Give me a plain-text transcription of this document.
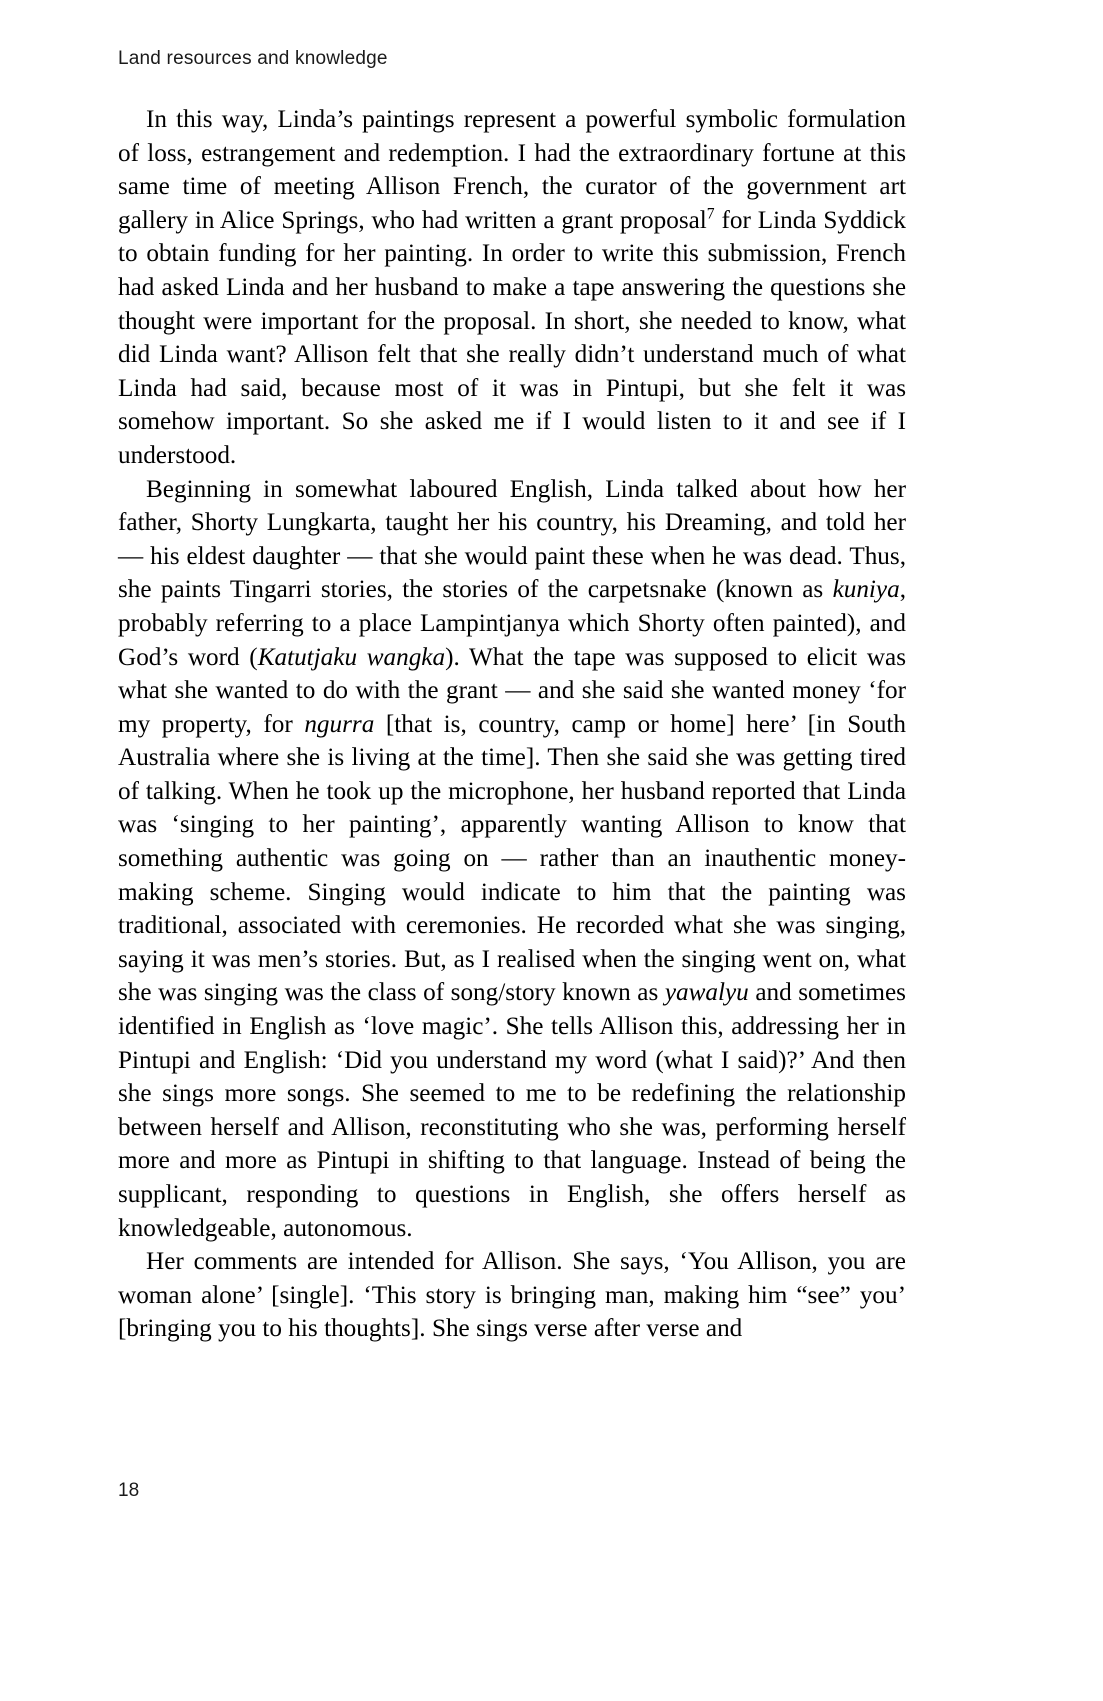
Land resources and knowledge

In this way, Linda’s paintings represent a powerful symbolic formulation of loss, estrangement and redemption. I had the extraordinary fortune at this same time of meeting Allison French, the curator of the government art gallery in Alice Springs, who had written a grant proposal$^7$ for Linda Syddick to obtain funding for her painting. In order to write this submission, French had asked Linda and her husband to make a tape answering the questions she thought were important for the proposal. In short, she needed to know, what did Linda want? Allison felt that she really didn’t understand much of what Linda had said, because most of it was in Pintupi, but she felt it was somehow important. So she asked me if I would listen to it and see if I understood.

Beginning in somewhat laboured English, Linda talked about how her father, Shorty Lungkarta, taught her his country, his Dreaming, and told her — his eldest daughter — that she would paint these when he was dead. Thus, she paints Tingarri stories, the stories of the carpetsnake (known as kuniya, probably referring to a place Lampintjanya which Shorty often painted), and God’s word (Katutjaku wangka). What the tape was supposed to elicit was what she wanted to do with the grant — and she said she wanted money ‘for my property, for ngurra [that is, country, camp or home] here’ [in South Australia where she is living at the time]. Then she said she was getting tired of talking. When he took up the microphone, her husband reported that Linda was ‘singing to her painting’, apparently wanting Allison to know that something authentic was going on — rather than an inauthentic money-making scheme. Singing would indicate to him that the painting was traditional, associated with ceremonies. He recorded what she was singing, saying it was men’s stories. But, as I realised when the singing went on, what she was singing was the class of song/story known as yawalyu and sometimes identified in English as ‘love magic’. She tells Allison this, addressing her in Pintupi and English: ‘Did you understand my word (what I said)?’ And then she sings more songs. She seemed to me to be redefining the relationship between herself and Allison, reconstituting who she was, performing herself more and more as Pintupi in shifting to that language. Instead of being the supplicant, responding to questions in English, she offers herself as knowledgeable, autonomous.

Her comments are intended for Allison. She says, ‘You Allison, you are woman alone’ [single]. ‘This story is bringing man, making him “see” you’ [bringing you to his thoughts]. She sings verse after verse and

18
